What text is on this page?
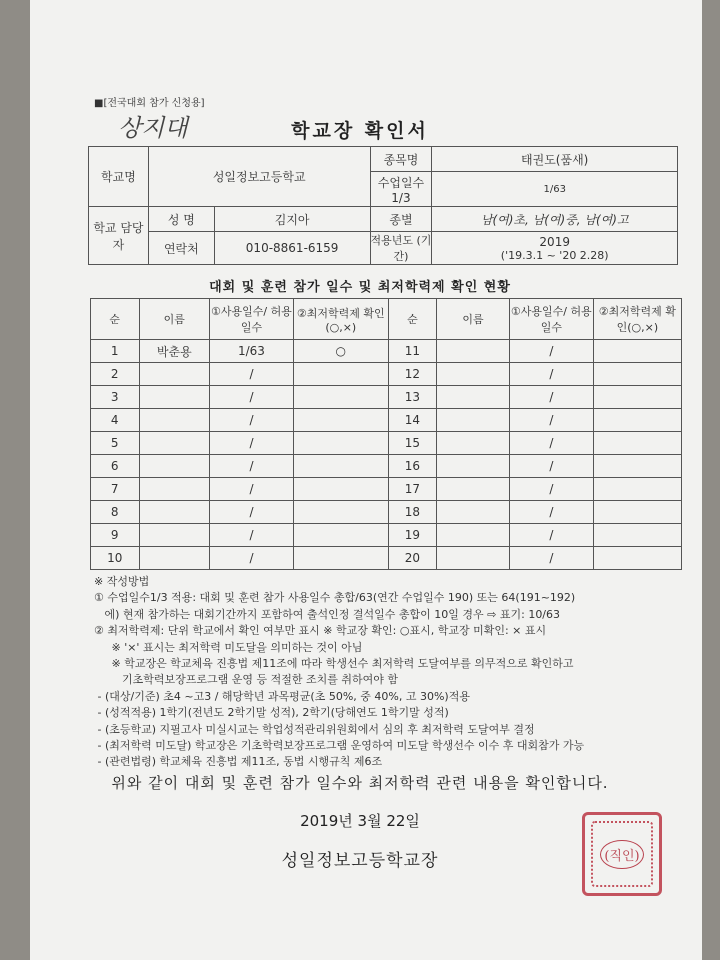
■[전국대회 참가 신청용]
상지대	학교장 확인서
학교명	성일정보고등학교		종목명	태권도(품새)
			수업일수 1/3	1/63
학교 담당자	성 명	김지아	종별	남(여)초, 남(여)중, 남(여)고
	연락처	010-8861-6159	적용년도 (기간)	2019
('19.3.1 ~ '20 2.28)
대회 및 훈련 참가 일수 및 최저학력제 확인 현황
순	이름	①사용일수/ 허용일수	②최저학력제 확인(○,×)	순	이름	①사용일수/ 허용일수	②최저학력제 확인(○,×)
1	박춘용	1/63	○	11		/	
2		/		12		/	
3		/		13		/	
4		/		14		/	
5		/		15		/	
6		/		16		/	
7		/		17		/	
8		/		18		/	
9		/		19		/	
10		/		20		/	
※ 작성방법
① 수업일수1/3 적용: 대회 및 훈련 참가 사용일수 총합/63(연간 수업일수 190) 또는 64(191~192)
에) 현재 참가하는 대회기간까지 포함하여 출석인정 결석일수 총합이 10일 경우 ⇨ 표기: 10/63
② 최저학력제: 단위 학교에서 확인 여부만 표시 ※ 학교장 확인: ○표시, 학교장 미확인: × 표시
※ '×' 표시는 최저학력 미도달을 의미하는 것이 아님
※ 학교장은 학교체육 진흥법 제11조에 따라 학생선수 최저학력 도달여부를 의무적으로 확인하고
기초학력보장프로그램 운영 등 적절한 조치를 취하여야 함
- (대상/기준) 초4 ~고3 / 해당학년 과목평균(초 50%, 중 40%, 고 30%)적용
- (성적적용) 1학기(전년도 2학기말 성적), 2학기(당해연도 1학기말 성적)
- (초등학교) 지필고사 미실시교는 학업성적관리위원회에서 심의 후 최저학력 도달여부 결정
- (최저학력 미도달) 학교장은 기초학력보장프로그램 운영하여 미도달 학생선수 이수 후 대회참가 가능
- (관련법령) 학교체육 진흥법 제11조, 동법 시행규칙 제6조
위와 같이 대회 및 훈련 참가 일수와 최저학력 관련 내용을 확인합니다.
2019년 3월 22일
성일정보고등학교장	(직인)
